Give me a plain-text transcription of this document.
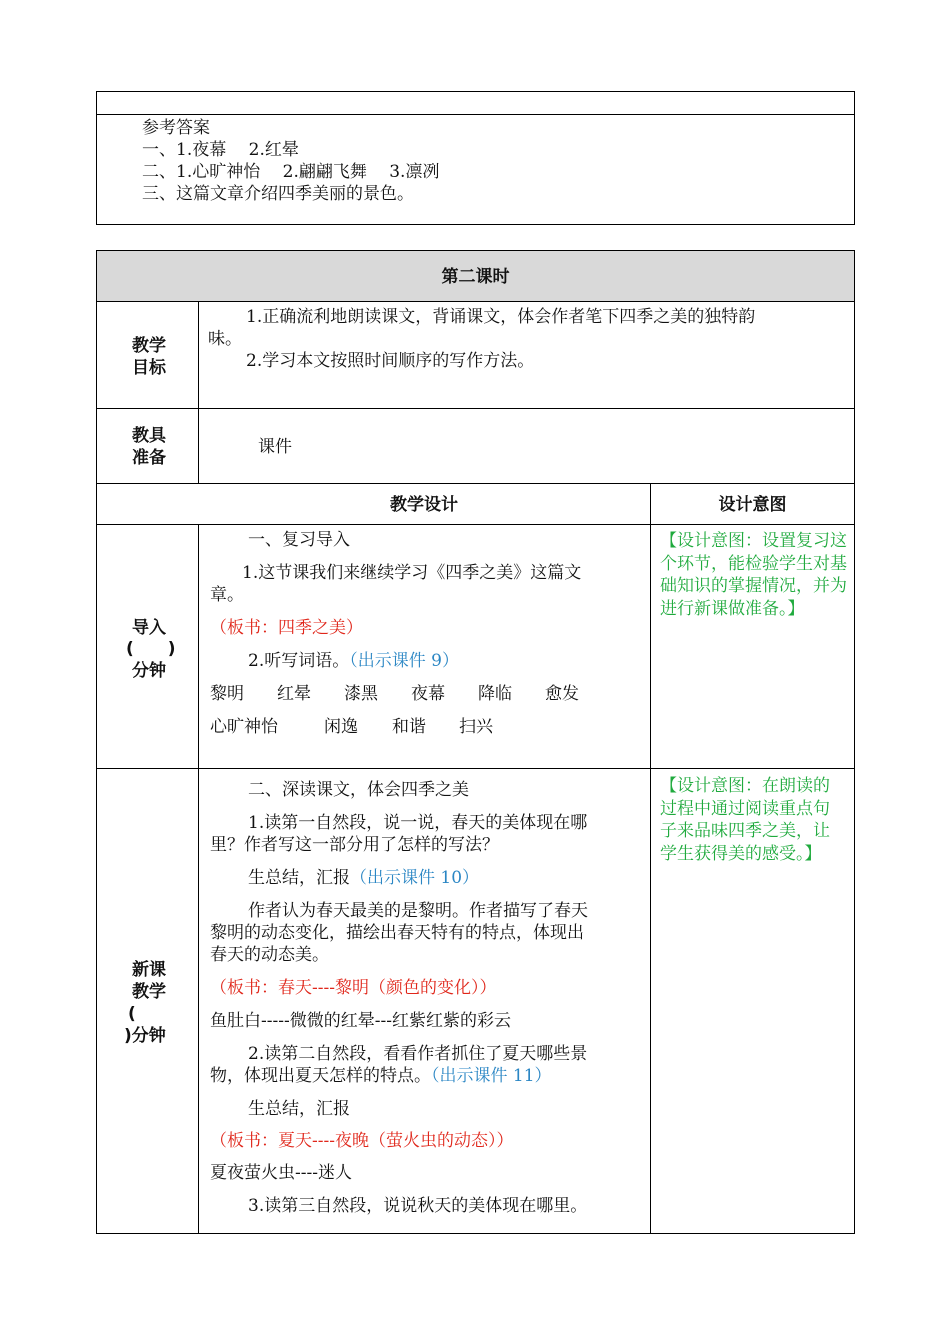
参考答案
一、1.夜幕　 2.红晕
二、1.心旷神怡　 2.翩翩飞舞　 3.凛冽
三、这篇文章介绍四季美丽的景色。
第二课时
教学
目标
1.正确流利地朗读课文，背诵课文，体会作者笔下四季之美的独特韵
味。
2.学习本文按照时间顺序的写作方法。
教具
准备
课件
教学设计	设计意图
导入
(　　)
分钟
一、复习导入
1.这节课我们来继续学习《四季之美》这篇文
章。
（板书：四季之美）
2.听写词语。（出示课件 9）
黎明 红晕 漆黑 夜幕 降临 愈发
心旷神怡	闲逸 和谐 扫兴
【设计意图：设置复习这个环节，能检验学生对基础知识的掌握情况，并为进行新课做准备。】
新课
教学
(
)分钟
二、深读课文，体会四季之美
1.读第一自然段，说一说，春天的美体现在哪
里？作者写这一部分用了怎样的写法？
生总结，汇报（出示课件 10）
作者认为春天最美的是黎明。作者描写了春天
黎明的动态变化，描绘出春天特有的特点，体现出
春天的动态美。
（板书：春天----黎明（颜色的变化））
鱼肚白-----微微的红晕---红紫红紫的彩云
2.读第二自然段，看看作者抓住了夏天哪些景
物，体现出夏天怎样的特点。（出示课件 11）
生总结，汇报
（板书：夏天----夜晚（萤火虫的动态））
夏夜萤火虫----迷人
3.读第三自然段，说说秋天的美体现在哪里。
【设计意图：在朗读的过程中通过阅读重点句子来品味四季之美，让学生获得美的感受。】
